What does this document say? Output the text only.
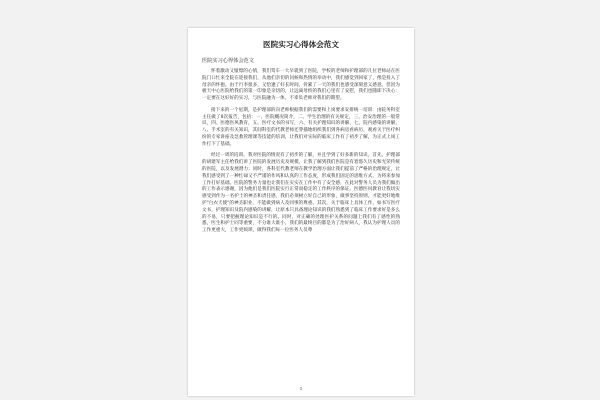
医院实习心得体会范文
医院实习心得体会范文

怀着激动又憧憬的心情，我们驾车一大早就到了医院，学校的老师和护理部的几位老师站在医院门口忙来全院在迎接我们，从他们亲切的问候和热情的举动中，我们感觉到回家了，像是投入了母亲的怀抱。由于行李很多，又恰逢了好长时间，骨累了一天的我们也感受深刻意义感意。但因为板天中心医院给我们的第一印象是亲切的，让远离母校的我们心里有了安慰，我们也随即下决心：一定要在这好好的实习，与医院融为一体，不辜负老师对我们的期望。

接下来的一个星期，是护理部的向老师根据我们的需要和上岗要求安排统一培训：由院务科室主任做了8次报告，包括：一、医院概况简介，二、学生治理的有关规定，三、治安治理的一般常识，四、医德医风教育，五、医疗文书的书写，六、有关护理知识的讲解，七、院内感染的讲解，八、手术室的有关知识，其间科室的代教老师还穿插地组织我们到各病房看病历，观看关于医疗纠纷的专家讲座及急救管理课等技能的培训，让我们对实际的临床工作有了初步了解，为正式上岗工作打下了基础。

经过一周的培训，我对医院的情况有了初步的了解，并且学到了好多新的知识，首先，护理部的胡建军主任给我们讲了医院的发展历史及规模，让我了解到我们医院是有着悠久历史和光荣传统的医院，以及发展潜力；同时，各科室代教老师在教学治理方面让我们提前了严格的治理规定，让我们感受到了一种忙碌又不严谨的作风和认真的工作态度，形成我们固定的思维方式，为将来参加工作打好基础。医院的警务力量也让我们在实实在工作中有了安全感，在此对警务人员为我们做出的工作表示感谢，因为他们是我们医院实行正常而稳定的工作秩序的保证。医德医风教育让我切实感受到作为一名护士的神圣和责任感，我们必须树立好自己的形象，做事坚持原则，才能更好地维护"白衣天使"的神圣职业，不能做到病人及同事的尊重。其次，关于临床上具体工作，如书写医疗文书，护理知识及院内感染的讲解，让原本只具备理论知识的我们熟悉到了临床工作要求好是多么的不易，只要把握理论知识是不行的。同时，对正确的处理医护关系的问题上我们有了感性的熟悉，医生和护士同等重要，不分谁大谁小，我们的最终目的都是为了治好病人，我认为护理人员的工作更重大，工作更烦琐，做得我们每一位医务人员尊

1
